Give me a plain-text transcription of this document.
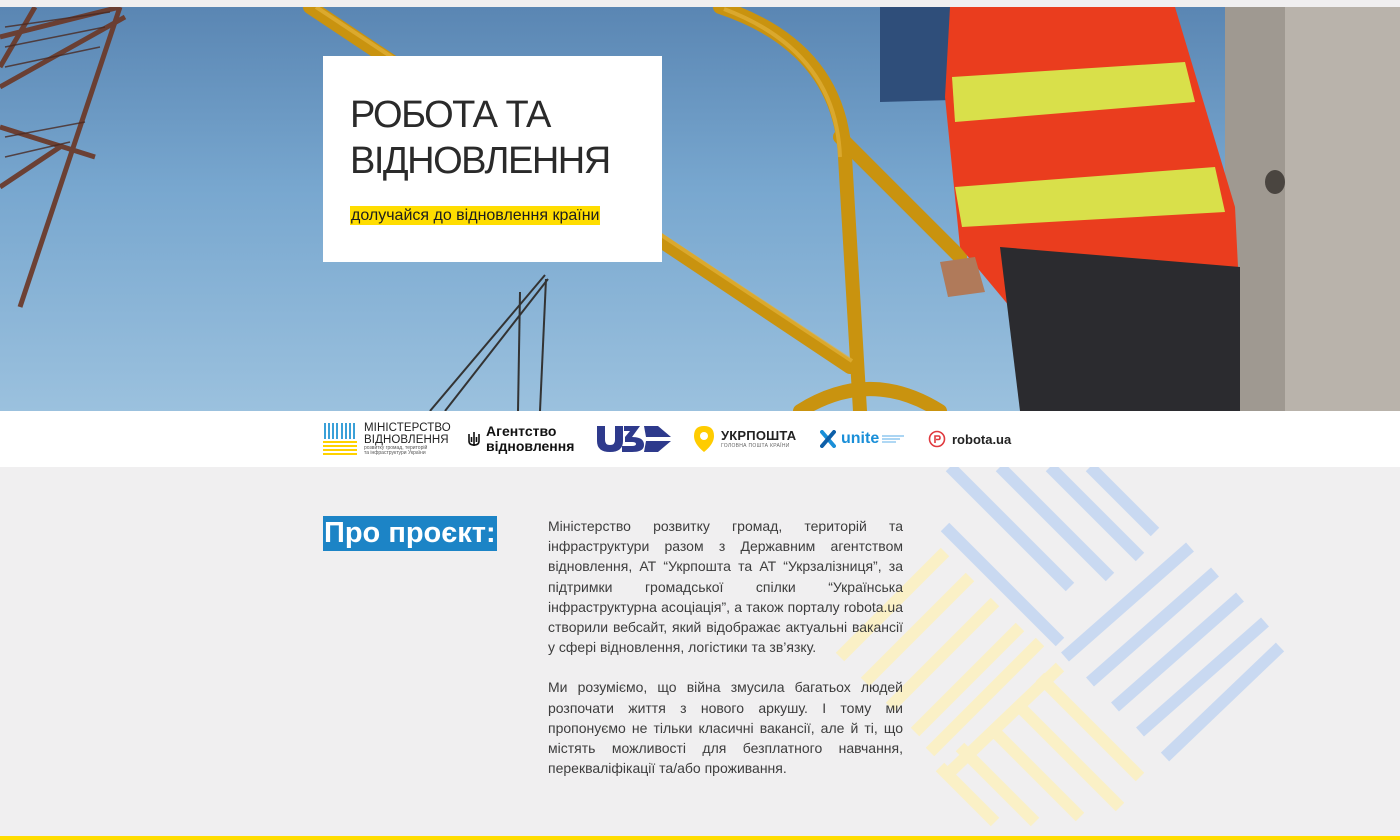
РОБОТА ТА
ВІДНОВЛЕННЯ

долучайся до відновлення країни

МІНІСТЕРСТВО
ВІДНОВЛЕННЯ
розвитку громад, територій
та інфраструктури України
Агентство
відновлення
УКРПОШТА
ГОЛОВНА ПОШТА КРАЇНИ	unite	robota.ua
Про проєкт:	Міністерство розвитку громад, територій та інфраструктури разом з Державним агентством відновлення, АТ “Укрпошта та АТ “Укрзалізниця”, за підтримки громадської спілки “Українська інфраструктурна асоціація”, а також порталу robota.ua створили вебсайт, який відображає актуальні вакансії у сфері відновлення, логістики та зв’язку.

Ми розуміємо, що війна змусила багатьох людей розпочати життя з нового аркушу. І тому ми пропонуємо не тільки класичні вакансії, але й ті, що містять можливості для безплатного навчання, перекваліфікації та/або проживання.
